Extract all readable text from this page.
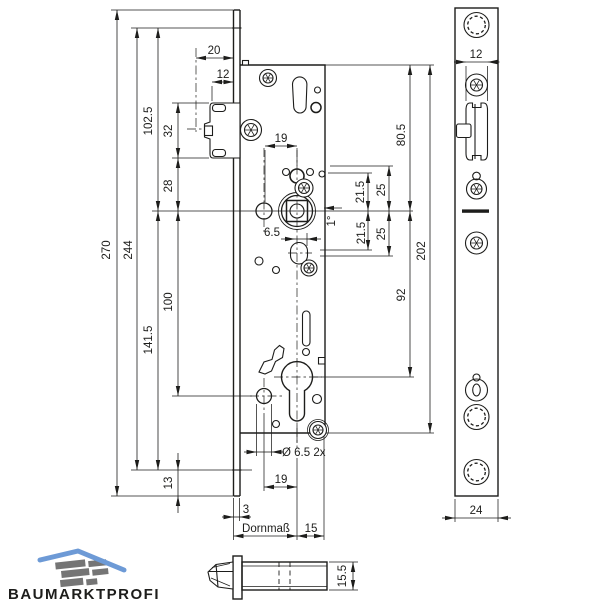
270 244
102.5
141.5
32
28
100
13
20
12
19
6.5
1°
21.5 25
21.5 25
80.5
92
202
Ø 6.5 2x
19
3
Dornmaß 15
12
24
15.5
BAUMARKTPROFI
